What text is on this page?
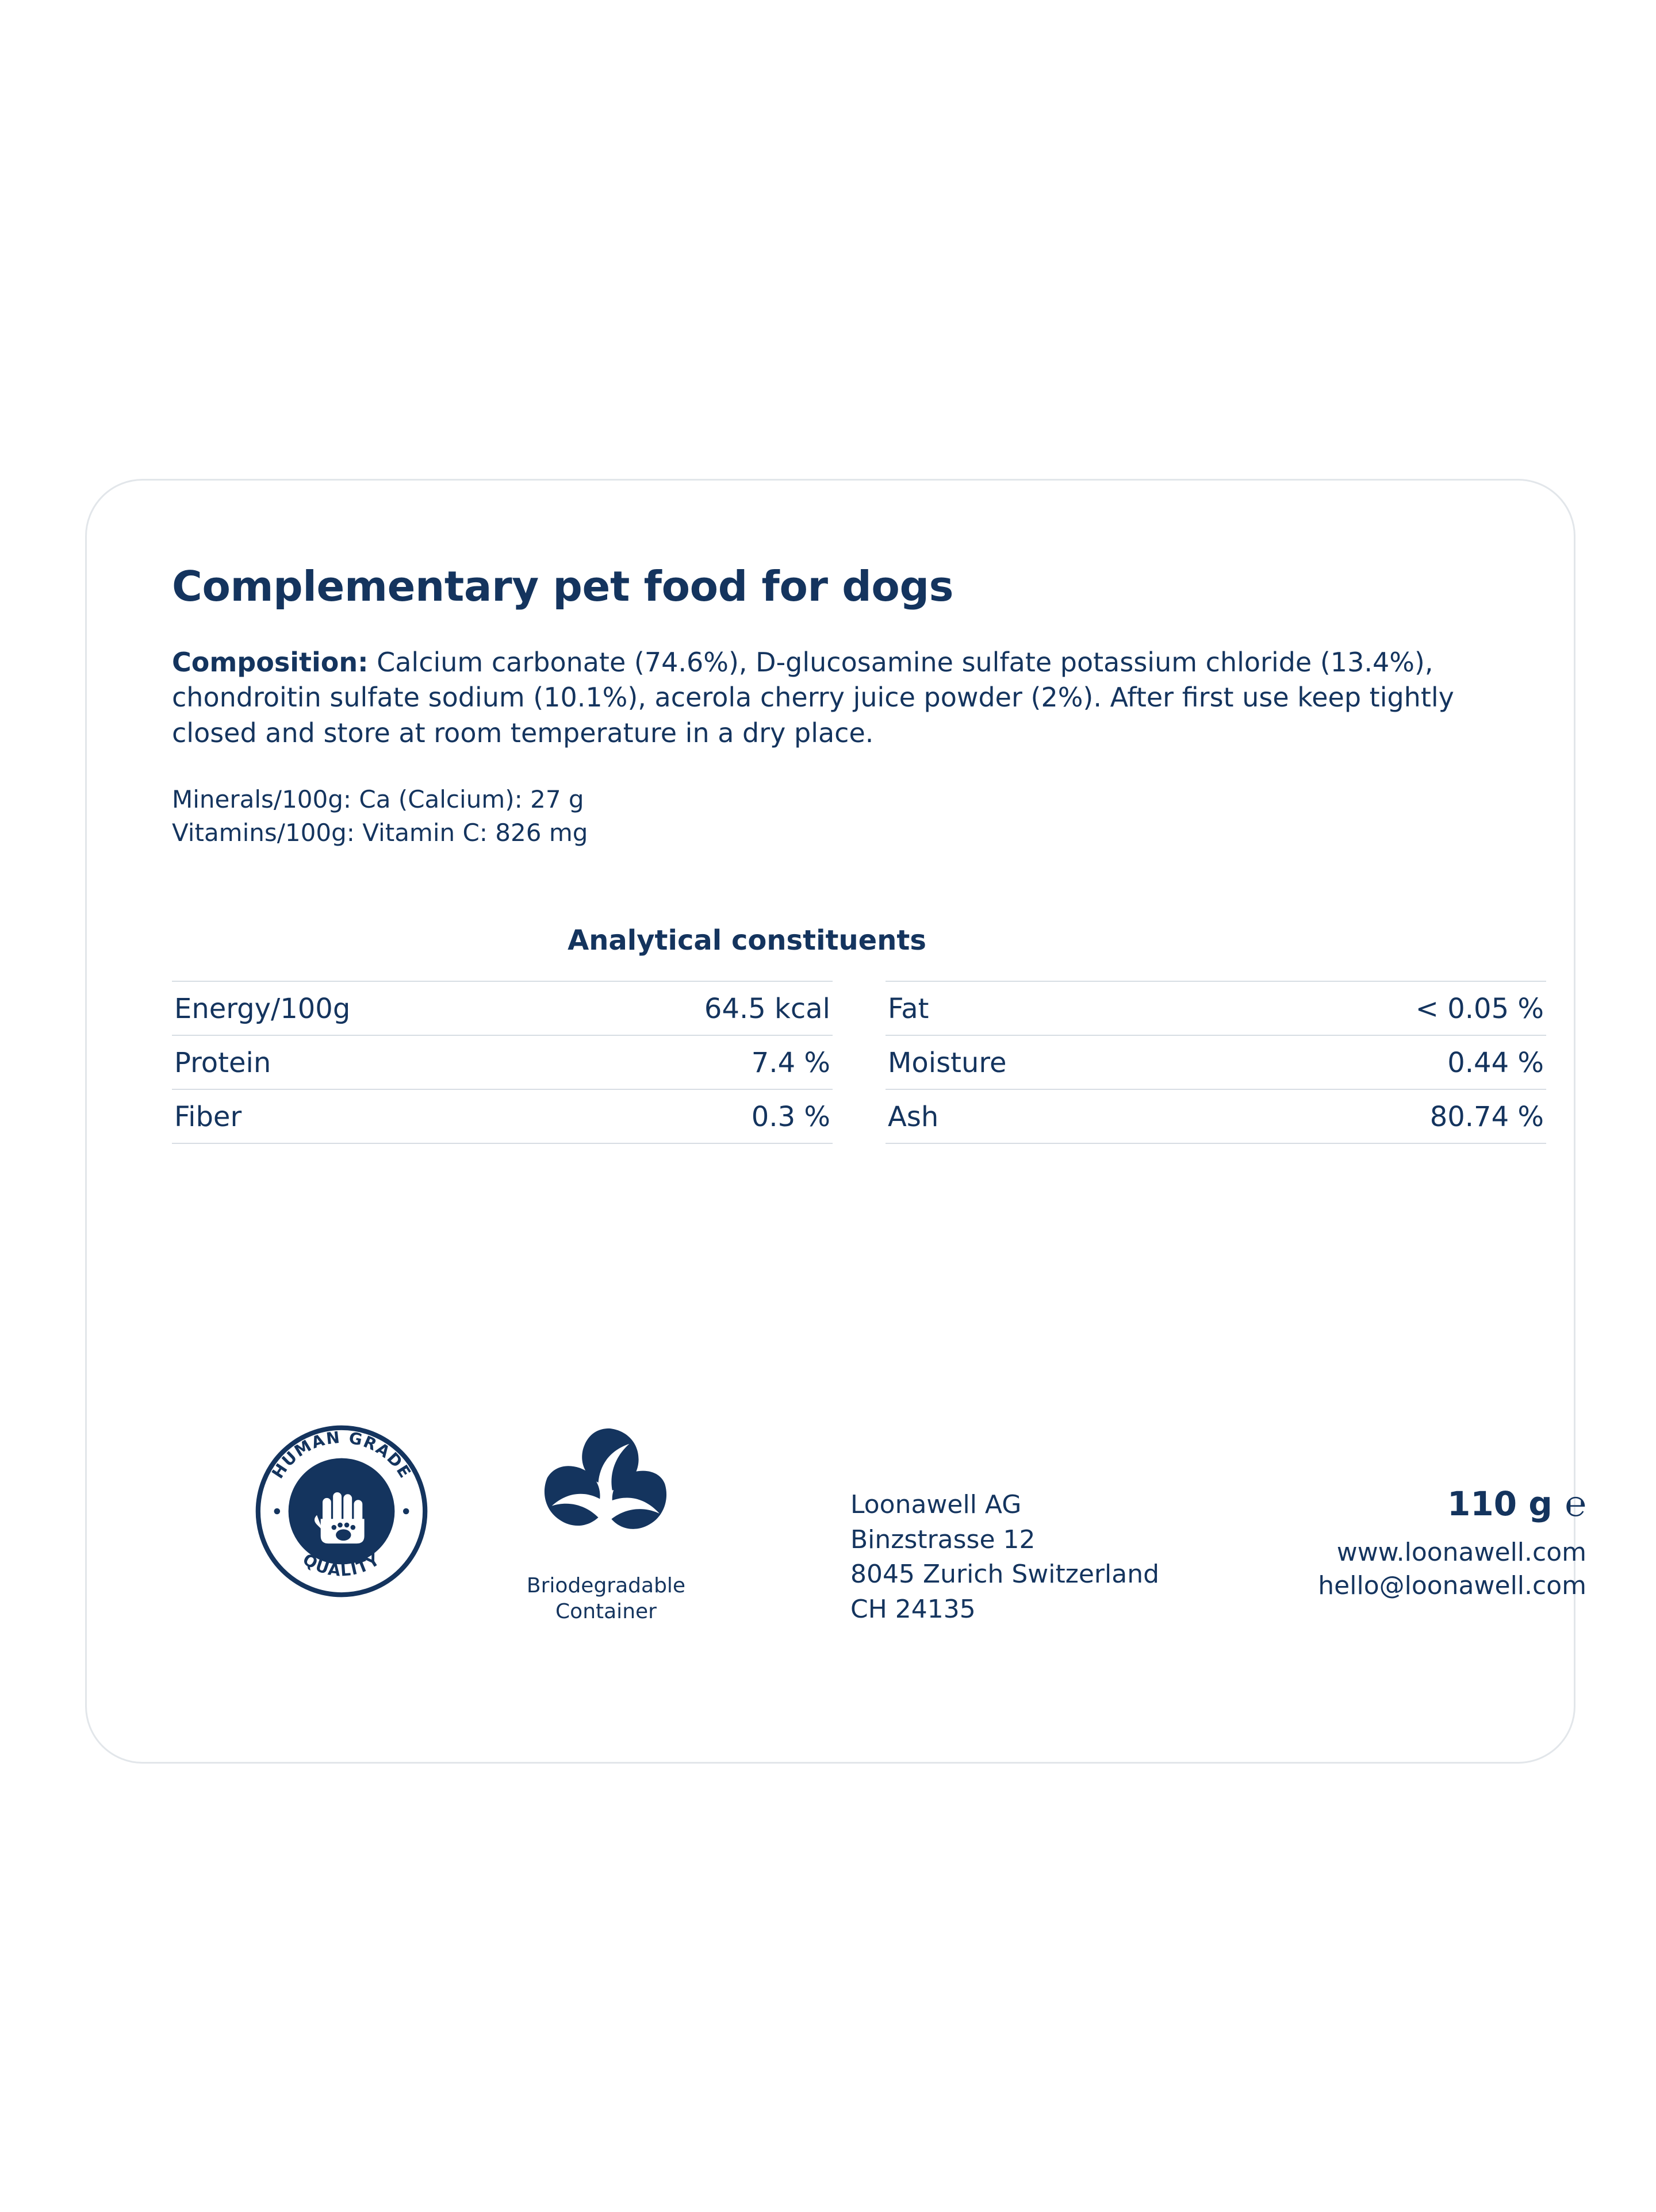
Complementary pet food for dogs

Composition: Calcium carbonate (74.6%), D-glucosamine sulfate potassium chloride (13.4%), chondroitin sulfate sodium (10.1%), acerola cherry juice powder (2%). After first use keep tightly closed and store at room temperature in a dry place.

Minerals/100g: Ca (Calcium): 27 g
Vitamins/100g: Vitamin C: 826 mg
Analytical constituents
Energy/100g	64.5 kcal
Protein	7.4 %
Fiber	0.3 %
Fat	< 0.05 %
Moisture	0.44 %
Ash	80.74 %
HUMAN GRADE
QUALITY
Briodegradable
Container
Loonawell AG
Binzstrasse 12
8045 Zurich Switzerland
CH 24135
110 g ℮
www.loonawell.com
hello@loonawell.com
